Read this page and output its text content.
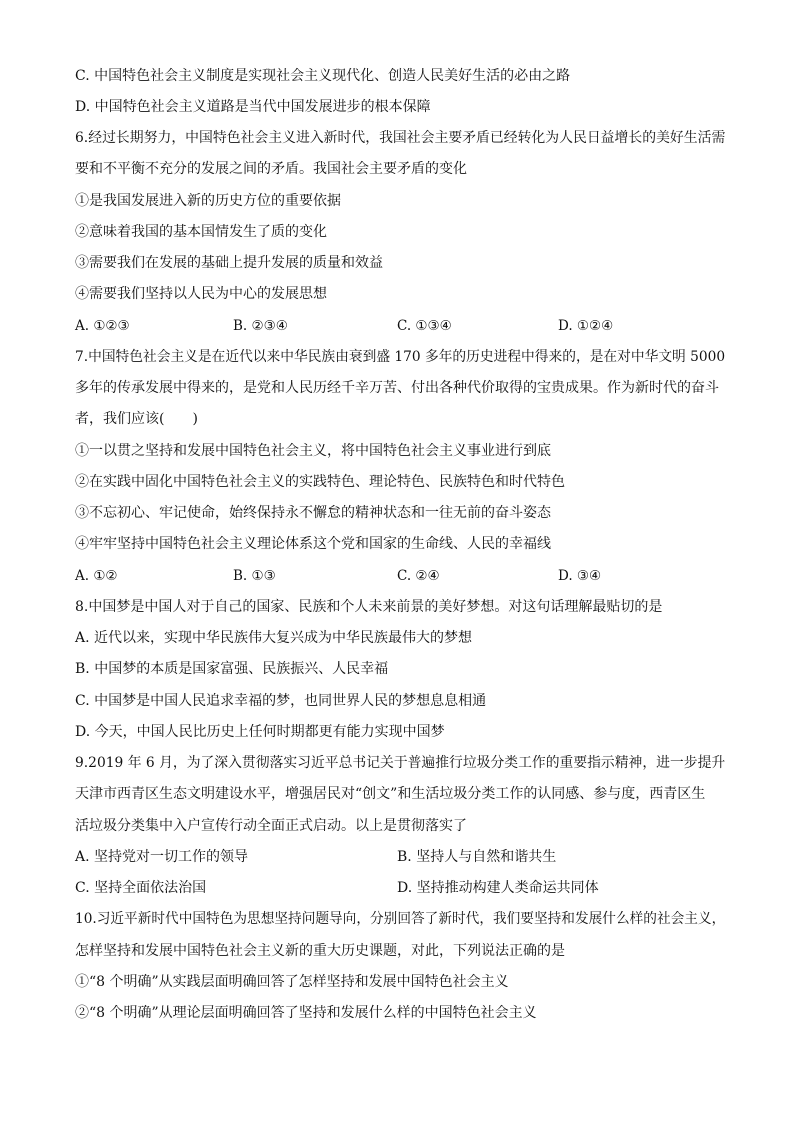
C. 中国特色社会主义制度是实现社会主义现代化、创造人民美好生活的必由之路
D. 中国特色社会主义道路是当代中国发展进步的根本保障
6.经过长期努力，中国特色社会主义进入新时代，我国社会主要矛盾已经转化为人民日益增长的美好生活需
要和不平衡不充分的发展之间的矛盾。我国社会主要矛盾的变化
①是我国发展进入新的历史方位的重要依据
②意味着我国的基本国情发生了质的变化
③需要我们在发展的基础上提升发展的质量和效益
④需要我们坚持以人民为中心的发展思想
A. ①②③	B. ②③④	C. ①③④	D. ①②④
7.中国特色社会主义是在近代以来中华民族由衰到盛 170 多年的历史进程中得来的，是在对中华文明 5000
多年的传承发展中得来的，是党和人民历经千辛万苦、付出各种代价取得的宝贵成果。作为新时代的奋斗
者，我们应该(　　)
①一以贯之坚持和发展中国特色社会主义，将中国特色社会主义事业进行到底
②在实践中固化中国特色社会主义的实践特色、理论特色、民族特色和时代特色
③不忘初心、牢记使命，始终保持永不懈怠的精神状态和一往无前的奋斗姿态
④牢牢坚持中国特色社会主义理论体系这个党和国家的生命线、人民的幸福线
A. ①②	B. ①③	C. ②④	D. ③④
8.中国梦是中国人对于自己的国家、民族和个人未来前景的美好梦想。对这句话理解最贴切的是
A. 近代以来，实现中华民族伟大复兴成为中华民族最伟大的梦想
B. 中国梦的本质是国家富强、民族振兴、人民幸福
C. 中国梦是中国人民追求幸福的梦，也同世界人民的梦想息息相通
D. 今天，中国人民比历史上任何时期都更有能力实现中国梦
9.2019 年 6 月，为了深入贯彻落实习近平总书记关于普遍推行垃圾分类工作的重要指示精神，进一步提升
天津市西青区生态文明建设水平，增强居民对“创文”和生活垃圾分类工作的认同感、参与度，西青区生
活垃圾分类集中入户宣传行动全面正式启动。以上是贯彻落实了
A. 坚持党对一切工作的领导	B. 坚持人与自然和谐共生
C. 坚持全面依法治国	D. 坚持推动构建人类命运共同体
10.习近平新时代中国特色为思想坚持问题导向，分别回答了新时代，我们要坚持和发展什么样的社会主义，
怎样坚持和发展中国特色社会主义新的重大历史课题，对此，下列说法正确的是
①“8 个明确”从实践层面明确回答了怎样坚持和发展中国特色社会主义
②“8 个明确”从理论层面明确回答了坚持和发展什么样的中国特色社会主义
